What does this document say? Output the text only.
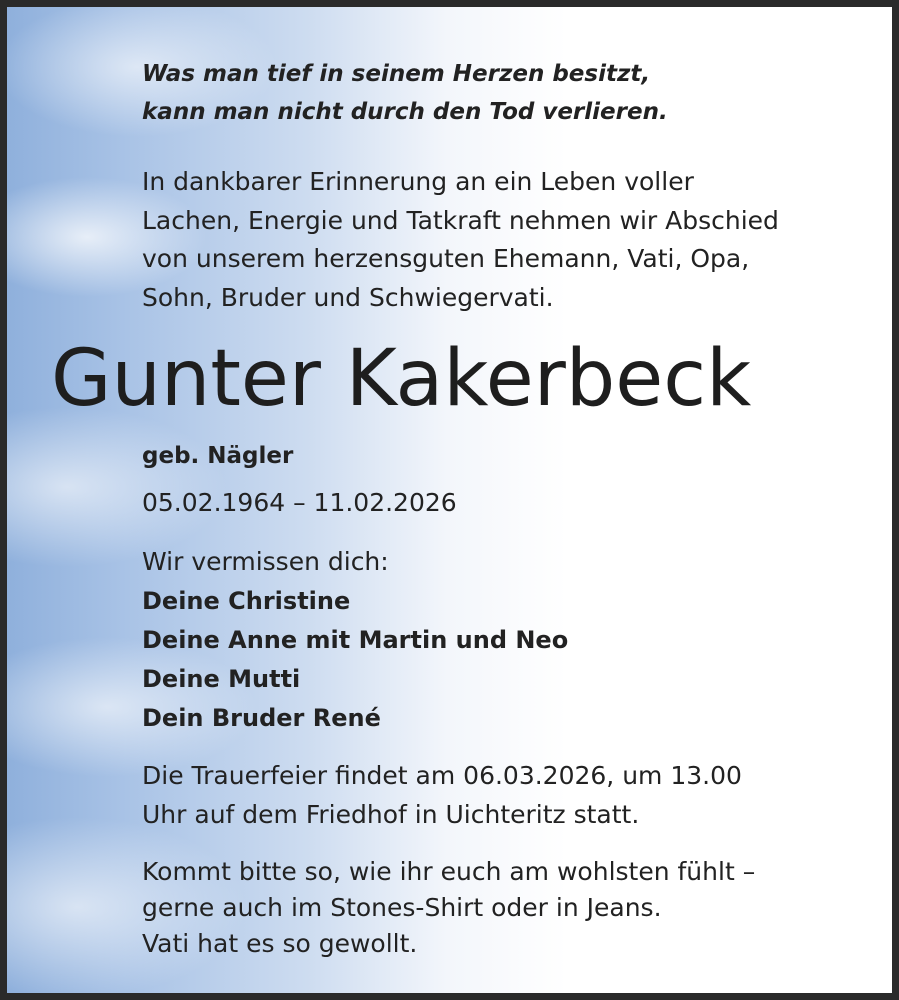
Was man tief in seinem Herzen besitzt,
kann man nicht durch den Tod verlieren.
In dankbarer Erinnerung an ein Leben voller
Lachen, Energie und Tatkraft nehmen wir Abschied
von unserem herzensguten Ehemann, Vati, Opa,
Sohn, Bruder und Schwiegervati.
Gunter Kakerbeck
geb. Nägler
05.02.1964 – 11.02.2026
Wir vermissen dich:
Deine Christine
Deine Anne mit Martin und Neo
Deine Mutti
Dein Bruder René
Die Trauerfeier findet am 06.03.2026, um 13.00
Uhr auf dem Friedhof in Uichteritz statt.
Kommt bitte so, wie ihr euch am wohlsten fühlt –
gerne auch im Stones-Shirt oder in Jeans.
Vati hat es so gewollt.
